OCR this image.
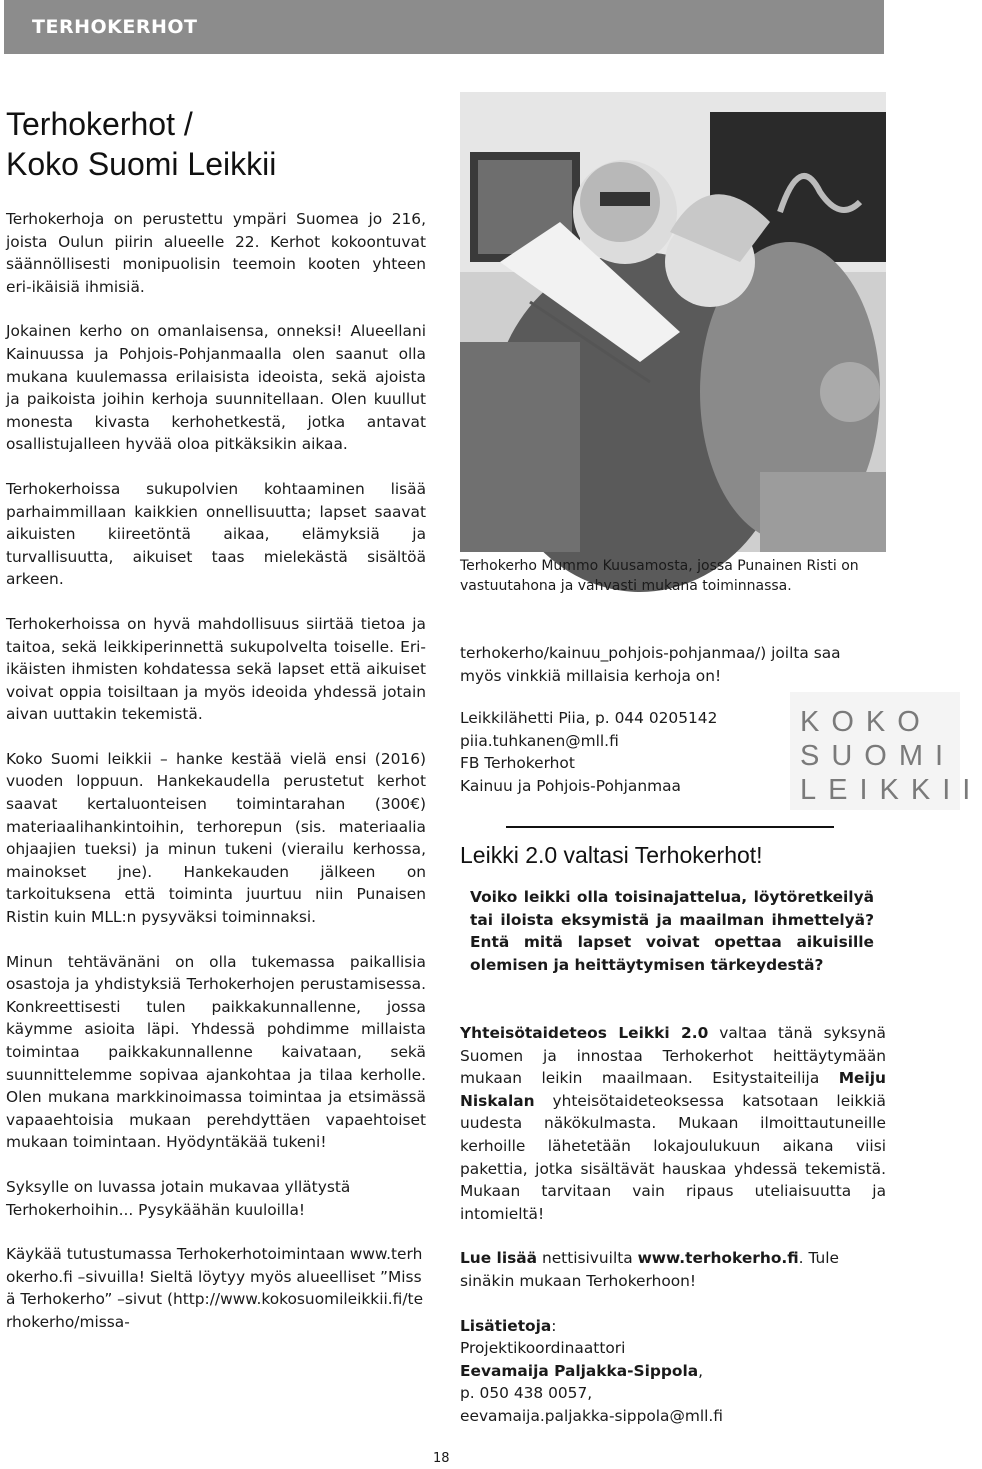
TERHOKERHOT
Terhokerhot /
Koko Suomi Leikkii

Terhokerhoja on perustettu ympäri Suomea jo 216, joista Oulun piirin alueelle 22. Kerhot kokoontuvat säännöllisesti monipuolisin teemoin kooten yhteen eri-ikäisiä ihmisiä.

Jokainen kerho on omanlaisensa, onneksi! Alueellani Kainuussa ja Pohjois-Pohjanmaalla olen saanut olla mukana kuulemassa erilaisista ideoista, sekä ajoista ja paikoista joihin kerhoja suunnitellaan. Olen kuullut monesta kivasta kerhohetkestä, jotka antavat osallistujalleen hyvää oloa pitkäksikin aikaa.

Terhokerhoissa sukupolvien kohtaaminen lisää parhaimmillaan kaikkien onnellisuutta; lapset saavat aikuisten kiireetöntä aikaa, elämyksiä ja turvallisuutta, aikuiset taas mielekästä sisältöä arkeen.

Terhokerhoissa on hyvä mahdollisuus siirtää tietoa ja taitoa, sekä leikkiperinnettä sukupolvelta toiselle. Eri-ikäisten ihmisten kohdatessa sekä lapset että aikuiset voivat oppia toisiltaan ja myös ideoida yhdessä jotain aivan uuttakin tekemistä.

Koko Suomi leikkii – hanke kestää vielä ensi (2016) vuoden loppuun. Hankekaudella perustetut kerhot saavat kertaluonteisen toimintarahan (300€) materiaalihankintoihin, terhorepun (sis. materiaalia ohjaajien tueksi) ja minun tukeni (vierailu kerhossa, mainokset jne). Hankekauden jälkeen on tarkoituksena että toiminta juurtuu niin Punaisen Ristin kuin MLL:n pysyväksi toiminnaksi.

Minun tehtävänäni on olla tukemassa paikallisia osastoja ja yhdistyksiä Terhokerhojen perustamisessa. Konkreettisesti tulen paikkakunnallenne, jossa käymme asioita läpi. Yhdessä pohdimme millaista toimintaa paikkakunnallenne kaivataan, sekä suunnittelemme sopivaa ajankohtaa ja tilaa kerholle. Olen mukana markkinoimassa toimintaa ja etsimässä vapaaehtoisia mukaan perehdyttäen vapaehtoiset mukaan toimintaan. Hyödyntäkää tukeni!

Syksylle on luvassa jotain mukavaa yllätystä Terhokerhoihin... Pysykäähän kuuloilla!

Käykää tutustumassa Terhokerhotoimintaan www.terhokerho.fi –sivuilla! Sieltä löytyy myös alueelliset ”Missä Terhokerho” –sivut (http://www.kokosuomileikkii.fi/terhokerho/missa-

Terhokerho Mummo Kuusamosta, jossa Punainen Risti on vastuutahona ja vahvasti mukana toiminnassa.

terhokerho/kainuu_pohjois-pohjanmaa/) joilta saa myös vinkkiä millaisia kerhoja on!

Leikkilähetti Piia, p. 044 0205142

piia.tuhkanen@mll.fi

FB Terhokerhot

Kainuu ja Pohjois-Pohjanmaa

KOKO
SUOMI
LEIKKII
Leikki 2.0 valtasi Terhokerhot!
Voiko leikki olla toisinajattelua, löytöretkeilyä tai iloista eksymistä ja maailman ihmettelyä? Entä mitä lapset voivat opettaa aikuisille olemisen ja heittäytymisen tärkeydestä?

Yhteisötaideteos Leikki 2.0 valtaa tänä syksynä Suomen ja innostaa Terhokerhot heittäytymään mukaan leikin maailmaan. Esitystaiteilija Meiju Niskalan yhteisötaideteoksessa katsotaan leikkiä uudesta näkökulmasta. Mukaan ilmoittautuneille kerhoille lähetetään lokajoulukuun aikana viisi pakettia, jotka sisältävät hauskaa yhdessä tekemistä. Mukaan tarvitaan vain ripaus uteliaisuutta ja intomieltä!

Lue lisää nettisivuilta www.terhokerho.fi. Tule sinäkin mukaan Terhokerhoon!

Lisätietoja:

Projektikoordinaattori

Eevamaija Paljakka-Sippola,

p. 050 438 0057,

eevamaija.paljakka-sippola@mll.fi

18
